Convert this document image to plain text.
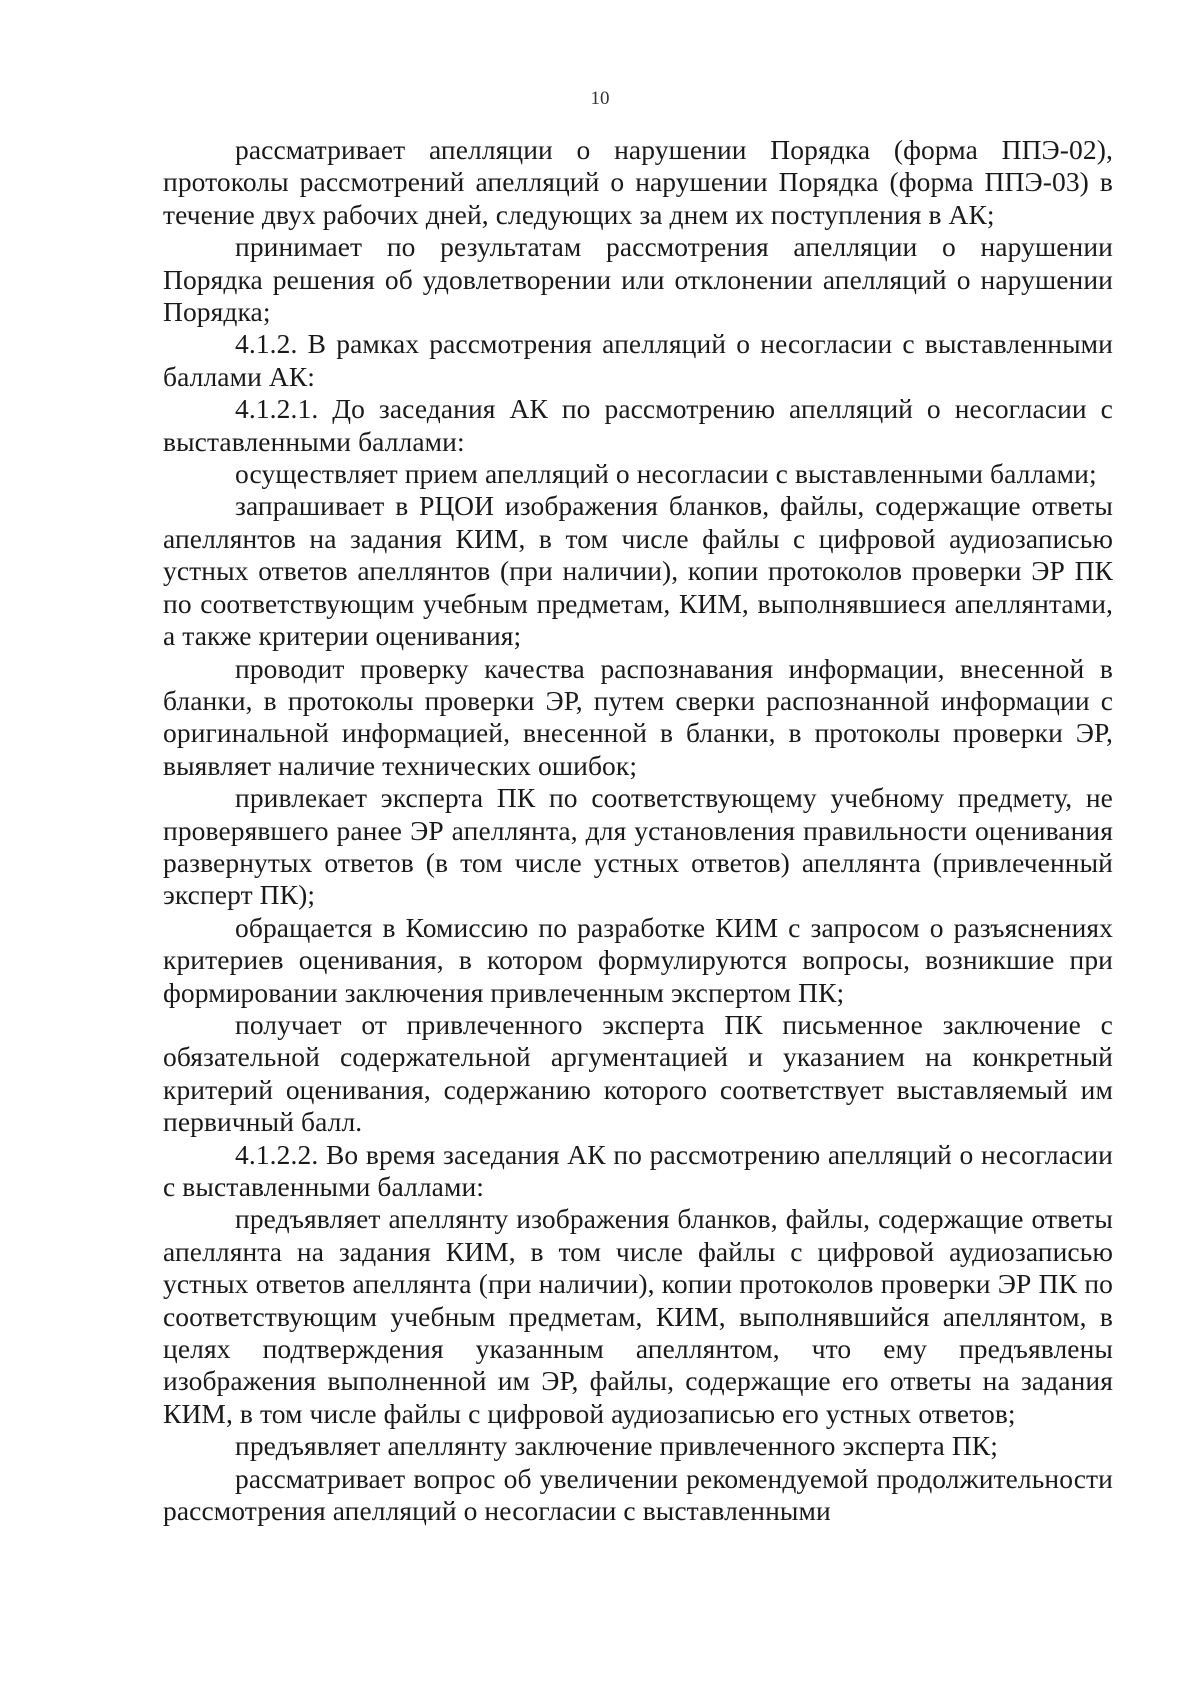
10

рассматривает апелляции о нарушении Порядка (форма ППЭ-02), протоколы рассмотрений апелляций о нарушении Порядка (форма ППЭ-03) в течение двух рабочих дней, следующих за днем их поступления в АК;

принимает по результатам рассмотрения апелляции о нарушении Порядка решения об удовлетворении или отклонении апелляций о нарушении Порядка;

4.1.2. В рамках рассмотрения апелляций о несогласии с выставленными баллами АК:

4.1.2.1. До заседания АК по рассмотрению апелляций о несогласии с выставленными баллами:

осуществляет прием апелляций о несогласии с выставленными баллами;

запрашивает в РЦОИ изображения бланков, файлы, содержащие ответы апеллянтов на задания КИМ, в том числе файлы с цифровой аудиозаписью устных ответов апеллянтов (при наличии), копии протоколов проверки ЭР ПК по соответствующим учебным предметам, КИМ, выполнявшиеся апеллянтами, а также критерии оценивания;

проводит проверку качества распознавания информации, внесенной в бланки, в протоколы проверки ЭР, путем сверки распознанной информации с оригинальной информацией, внесенной в бланки, в протоколы проверки ЭР, выявляет наличие технических ошибок;

привлекает эксперта ПК по соответствующему учебному предмету, не проверявшего ранее ЭР апеллянта, для установления правильности оценивания развернутых ответов (в том числе устных ответов) апеллянта (привлеченный эксперт ПК);

обращается в Комиссию по разработке КИМ с запросом о разъяснениях критериев оценивания, в котором формулируются вопросы, возникшие при формировании заключения привлеченным экспертом ПК;

получает от привлеченного эксперта ПК письменное заключение с обязательной содержательной аргументацией и указанием на конкретный критерий оценивания, содержанию которого соответствует выставляемый им первичный балл.

4.1.2.2. Во время заседания АК по рассмотрению апелляций о несогласии с выставленными баллами:

предъявляет апеллянту изображения бланков, файлы, содержащие ответы апеллянта на задания КИМ, в том числе файлы с цифровой аудиозаписью устных ответов апеллянта (при наличии), копии протоколов проверки ЭР ПК по соответствующим учебным предметам, КИМ, выполнявшийся апеллянтом, в целях подтверждения указанным апеллянтом, что ему предъявлены изображения выполненной им ЭР, файлы, содержащие его ответы на задания КИМ, в том числе файлы с цифровой аудиозаписью его устных ответов;

предъявляет апеллянту заключение привлеченного эксперта ПК;

рассматривает вопрос об увеличении рекомендуемой продолжительности рассмотрения апелляций о несогласии с выставленными
